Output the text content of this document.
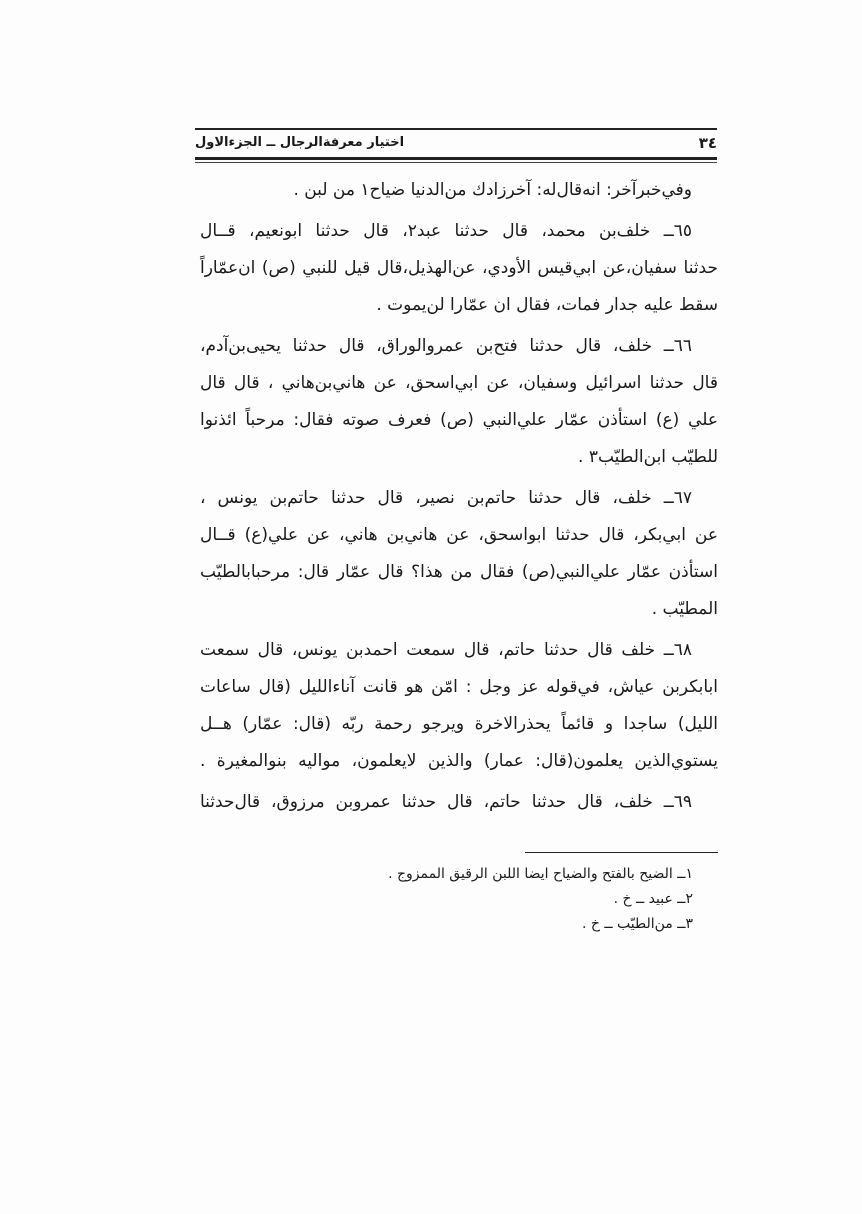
٣٤
اختيار معرفةالرجال ــ الجزءالاول
وفي‌خبرآخر: انه‌قال‌له: آخرزادك من‌الدنيا ضياح١ من لبن .
٦٥ــ خلف‌بن محمد، قال حدثنا عبد٢، قال حدثنا ابونعيم، قــال
حدثنا سفيان،عن ابي‌قيس الأودي، عن‌الهذيل،قال قيل للنبي (ص) ان‌عمّاراً
سقط عليه جدار فمات، فقال ان عمّارا لن‌يموت .
٦٦ــ خلف، قال حدثنا فتح‌بن عمروالوراق، قال حدثنا يحيى‌بن‌آدم،
قال حدثنا اسرائيل وسفيان، عن ابي‌اسحق، عن هاني‌بن‌هاني ، قال قال
علي (ع) استأذن عمّار علي‌النبي (ص) فعرف صوته فقال: مرحباً ائذنوا
للطيّب ابن‌الطيّب٣ .
٦٧ــ خلف، قال حدثنا حاتم‌بن نصير، قال حدثنا حاتم‌بن يونس ،
عن ابي‌بكر، قال حدثنا ابواسحق، عن هاني‌بن هاني، عن علي(ع) قــال
استأذن عمّار علي‌النبي(ص) فقال من هذا؟ قال عمّار قال: مرحبابالطيّب
المطيّب .
٦٨ــ خلف قال حدثنا حاتم، قال سمعت احمدبن يونس، قال سمعت
ابابكربن عياش، في‌قوله عز وجل : امّن هو قانت آناءالليل (قال ساعات
الليل) ساجدا و قائماً يحذرالاخرة ويرجو رحمة ربّه (قال: عمّار) هــل
يستوي‌الذين يعلمون(قال: عمار) والذين لايعلمون، مواليه بنوالمغيرة .
٦٩ــ خلف، قال حدثنا حاتم، قال حدثنا عمروبن مرزوق، قال‌حدثنا
١ــ الضيح بالفتح والضياح ايضا اللبن الرقيق الممزوج .
٢ــ عبيد ــ خ .
٣ــ من‌الطيّب ــ خ .
